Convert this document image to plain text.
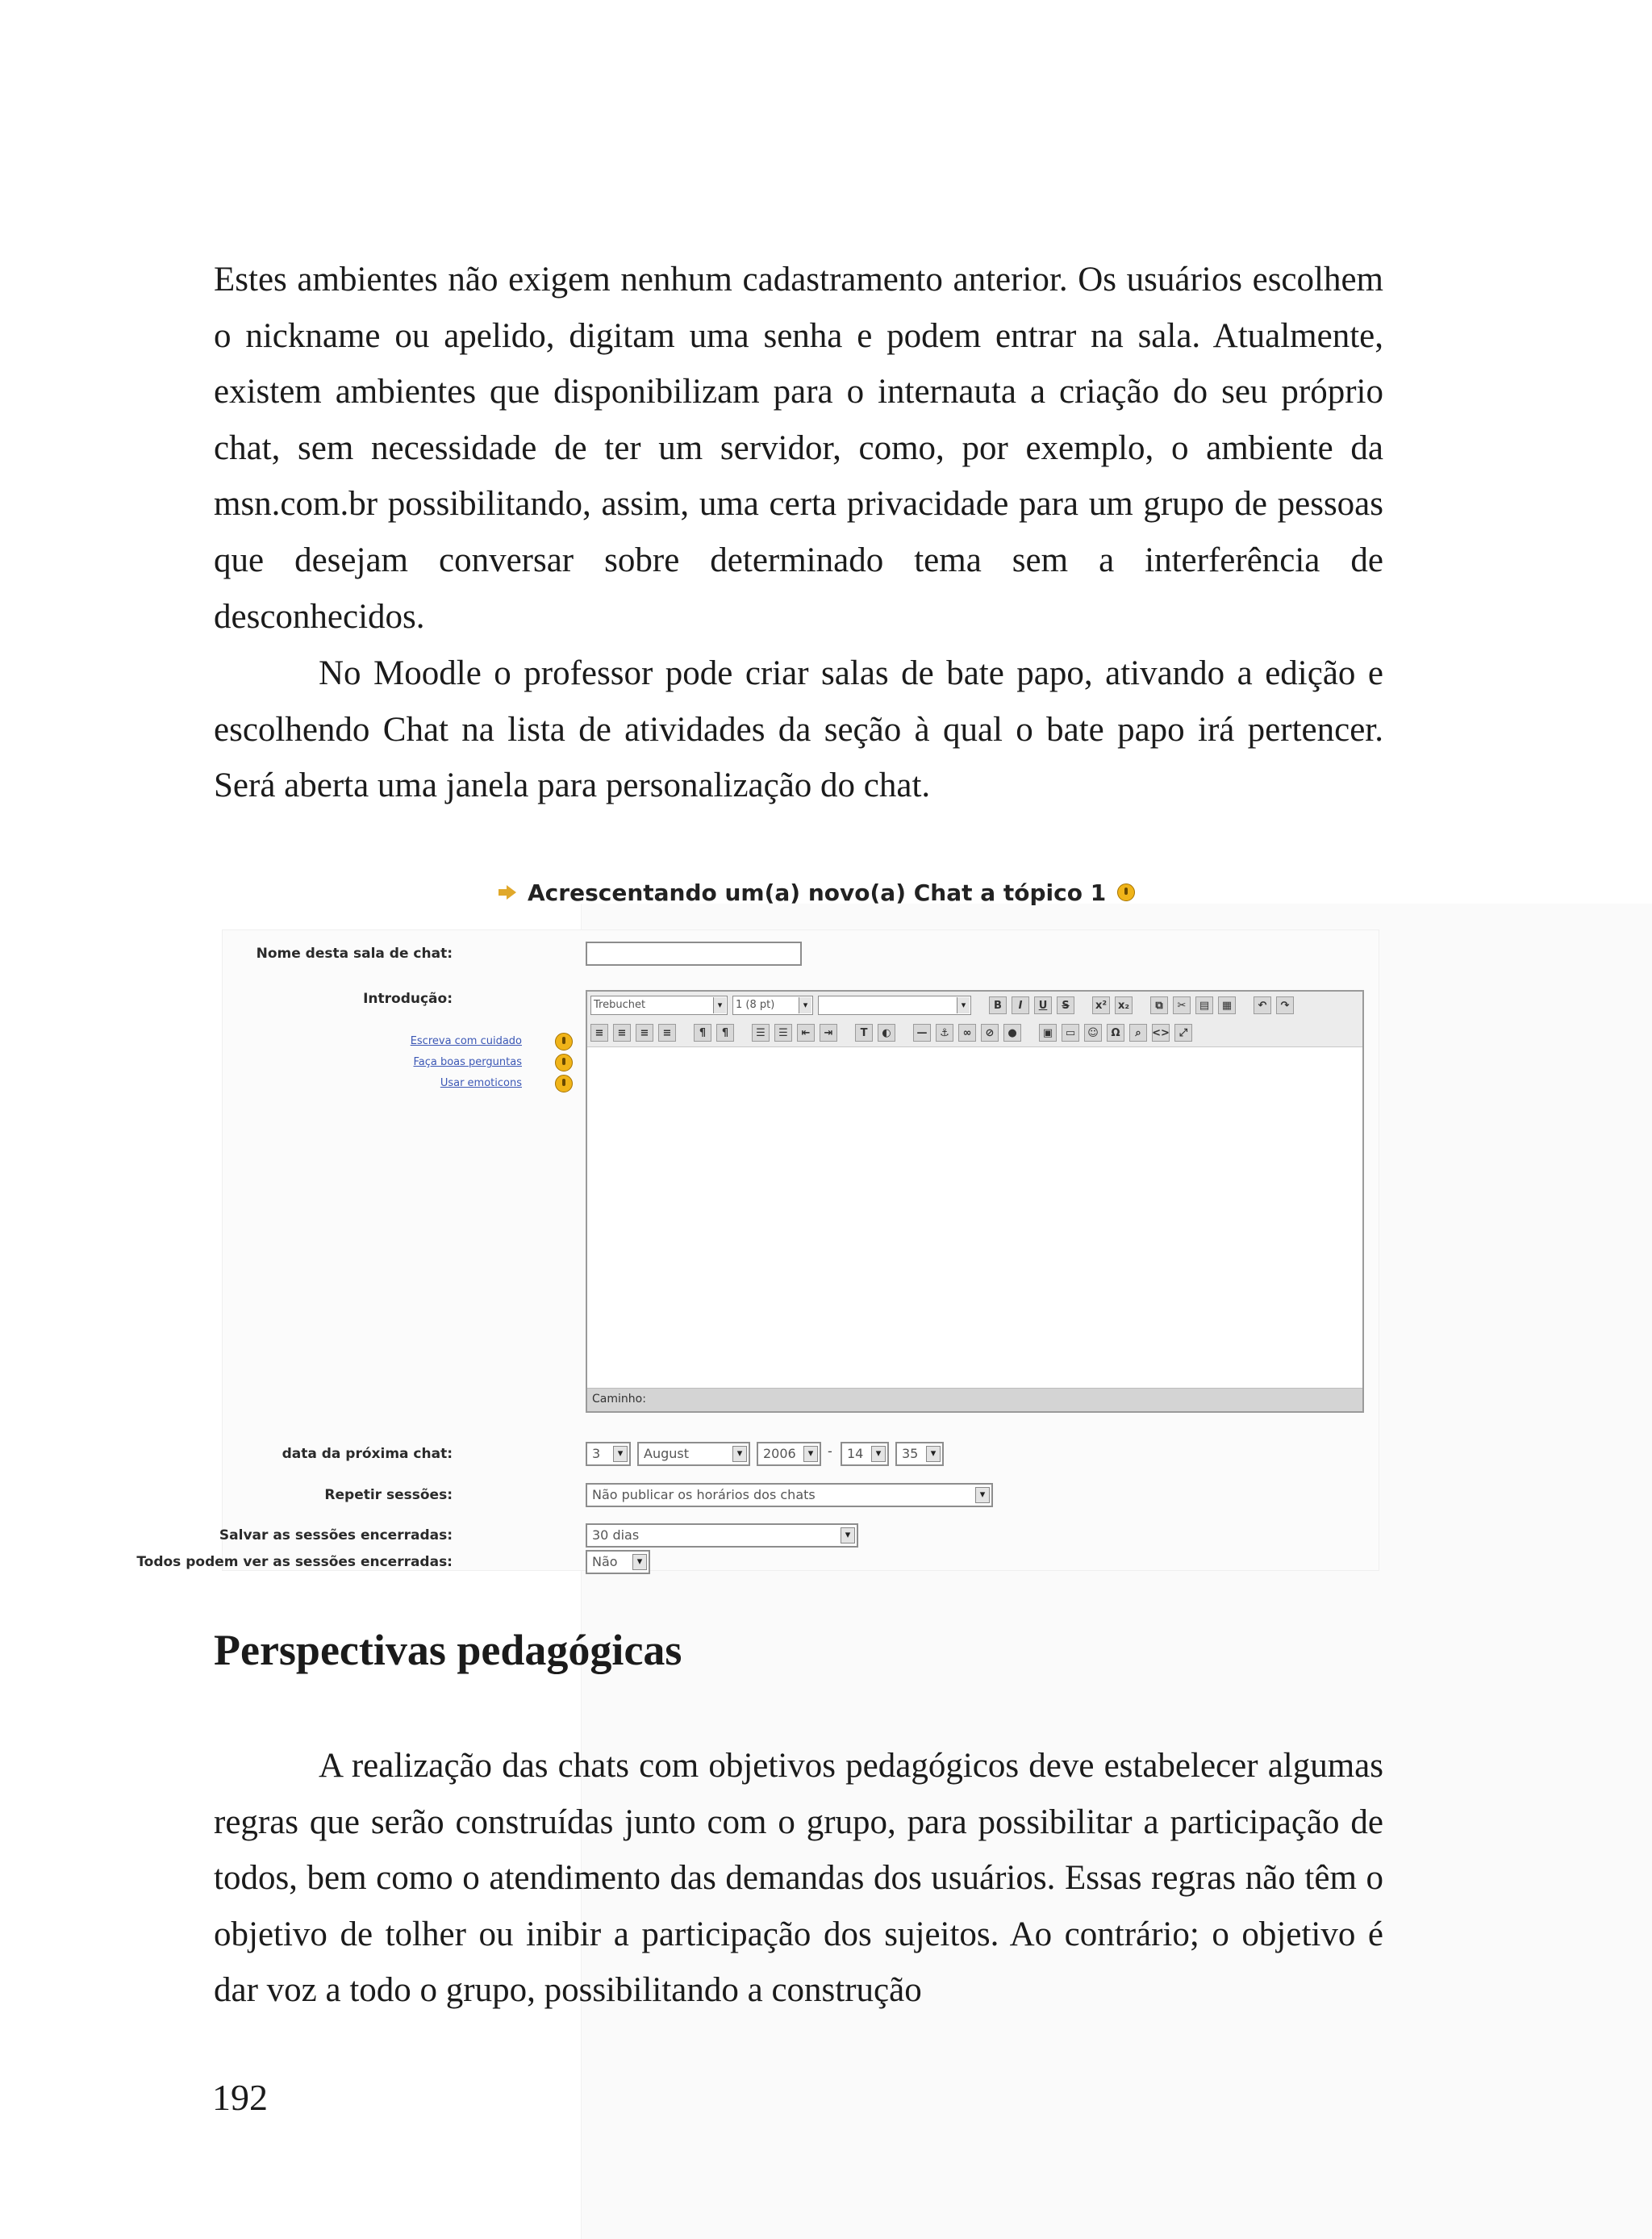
Estes ambientes não exigem nenhum cadastramento anterior. Os usuários escolhem o nickname ou apelido, digitam uma senha e podem entrar na sala. Atualmente, existem ambientes que disponibilizam para o internauta a criação do seu próprio chat, sem necessidade de ter um servidor, como, por exemplo, o ambiente da msn.com.br possibilitando, assim, uma certa privacidade para um grupo de pessoas que desejam conversar sobre determinado tema sem a interferência de desconhecidos.

No Moodle o professor pode criar salas de bate papo, ativando a edição e escolhendo Chat na lista de atividades da seção à qual o bate papo irá pertencer. Será aberta uma janela para personalização do chat.

Acrescentando um(a) novo(a) Chat a tópico 1
Nome desta sala de chat:
Introdução:
Escreva com cuidado
Faça boas perguntas
Usar emoticons
Trebuchet ▾	1 (8 pt) ▾
▾	B	I	U	S	x²	x₂	⧉	✂	▤	▦	↶	↷
≡	≡	≡	≡	¶	¶	☰	☰	⇤	⇥	T	◐	—	⚓	∞	⊘	●	▣	▭	☺	Ω	⌕	<> ⤢
Caminho:
data da próxima chat:	3 ▾	August ▾	2006 ▾	-	14 ▾	35 ▾
Repetir sessões:	Não publicar os horários dos chats ▾
Salvar as sessões encerradas:	30 dias ▾
Todos podem ver as sessões encerradas:	Não ▾
Perspectivas pedagógicas

A realização das chats com objetivos pedagógicos deve estabelecer algumas regras que serão construídas junto com o grupo, para possibilitar a participação de todos, bem como o atendimento das demandas dos usuários. Essas regras não têm o objetivo de tolher ou inibir a participação dos sujeitos. Ao contrário; o objetivo é dar voz a todo o grupo, possibilitando a construção

192
